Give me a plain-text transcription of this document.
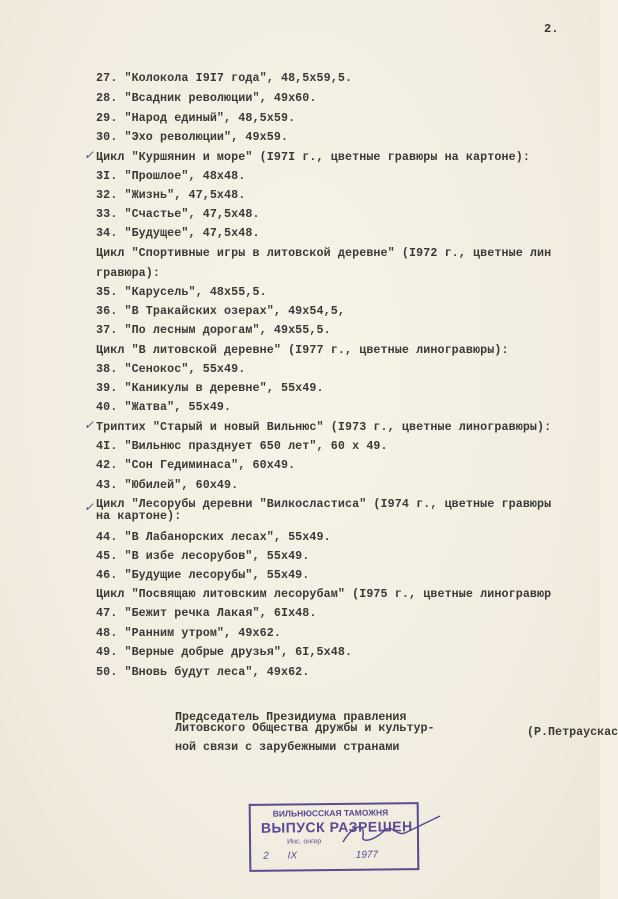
2.
27. "Колокола I9I7 года", 48,5x59,5.
28. "Всадник революции", 49x60.
29. "Народ единый", 48,5x59.
30. "Эхо революции", 49x59.
Цикл "Куршянин и море" (I97I г., цветные гравюры на картоне):
3I. "Прошлое", 48x48.
32. "Жизнь", 47,5x48.
33. "Счастье", 47,5x48.
34. "Будущее", 47,5x48.
Цикл "Спортивные игры в литовской деревне" (I972 г., цветные лин
гравюра):
35. "Карусель", 48x55,5.
36. "В Тракайских озерах", 49x54,5,
37. "По лесным дорогам", 49x55,5.
Цикл "В литовской деревне" (I977 г., цветные линогравюры):
38. "Сенокос", 55x49.
39. "Каникулы в деревне", 55x49.
40. "Жатва", 55x49.
Триптих "Старый и новый Вильнюс" (I973 г., цветные линогравюры):
4I. "Вильнюс празднует 650 лет", 60 x 49.
42. "Сон Гедиминаса", 60x49.
43. "Юбилей", 60x49.
Цикл "Лесорубы деревни "Вилкосластиса" (I974 г., цветные гравюры
на картоне):
44. "В Лабанорских лесах", 55x49.
45. "В избе лесорубов", 55x49.
46. "Будущие лесорубы", 55x49.
Цикл "Посвящаю литовским лесорубам" (I975 г., цветные линогравюр
47. "Бежит речка Лакая", 6Ix48.
48. "Ранним утром", 49x62.
49. "Верные добрые друзья", 6I,5x48.
50. "Вновь будут леса", 49x62.
✓
✓
✓
Председатель Президиума правления
Литовского Общества дружбы и культур-
ной связи с зарубежными странами
(Р.Петраускас
ВИЛЬНЮССКАЯ ТАМОЖНЯ
ВЫПУСК РАЗРЕШЕН
Инс. онгер
2 IX	1977
